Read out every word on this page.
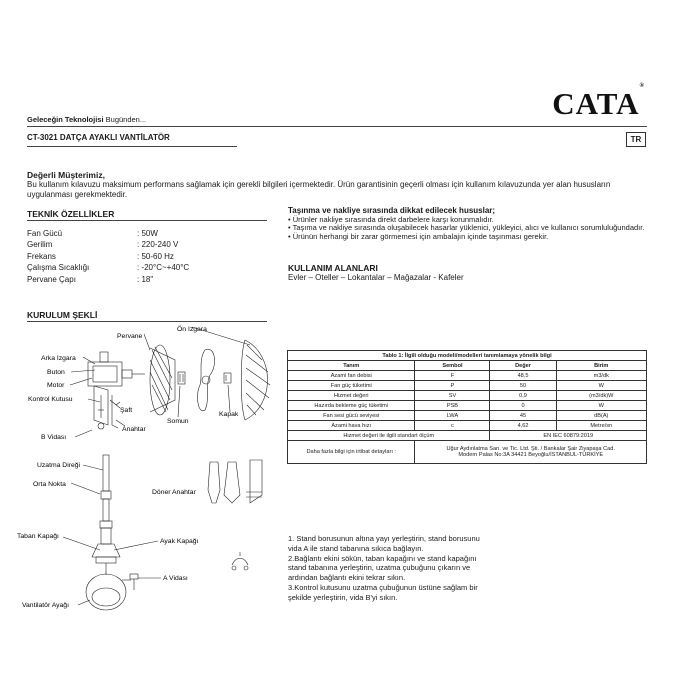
Geleceğin Teknolojisi Bugünden...	CATA®
CT-3021 DATÇA AYAKLI VANTİLATÖR	TR
Değerli Müşterimiz,
Bu kullanım kılavuzu maksimum performans sağlamak için gerekli bilgileri içermektedir. Ürün garantisinin geçerli olması için kullanım kılavuzunda yer alan hususların uygulanması gerekmektedir.
TEKNİK ÖZELLİKLER
Fan Gücü	: 50W
Gerilim	: 220-240 V
Frekans	: 50-60 Hz
Çalışma Sıcaklığı	: -20°C~+40°C
Pervane Çapı	: 18"
Taşınma ve nakliye sırasında dikkat edilecek hususlar;
• Ürünler nakliye sırasında direkt darbelere karşı korunmalıdır.
• Taşıma ve nakliye sırasında oluşabilecek hasarlar yüklenici, yükleyici, alıcı ve kullanıcı sorumluluğundadır.
• Ürünün herhangi bir zarar görmemesi için ambalajın içinde taşınması gerekir.
KULLANIM ALANLARI
Evler – Oteller – Lokantalar – Mağazalar - Kafeler
KURULUM ŞEKLİ
Ön Izgara
Pervane
Arka Izgara
Buton
Motor
Kontrol Kutusu
Şaft
Anahtar
Somun
Kapak
B Vidası
Uzatma Direği
Orta Nokta
Döner Anahtar
Taban Kapağı
Ayak Kapağı
A Vidası
Vantilatör Ayağı
Tablo 1: İlgili olduğu modeli/modelleri tanımlamaya yönelik bilgi			
Tanım	Sembol	Değer	Birim
Azami fan debisi	F	48,5	m3/dk
Fan güç tüketimi	P	50	W
Hizmet değeri	SV	0,9	(m3/dk)W
Hazırda bekleme güç tüketimi	PSB	0	W
Fan sesi gücü seviyesi	LWA	45	dB(A)
Azami hava hızı	c	4,62	Metre/sn
Hizmet değeri ile ilgili standart ölçüm		EN IEC 60879:2019	
Daha fazla bilgi için irtibat detayları :	Uğur Aydınlatma San. ve Tic. Ltd. Şti. / Bankalar Şair Ziyapaşa Cad.
Modern Palas No:3A 34421 Beyoğlu/İSTANBUL-TÜRKİYE		
1. Stand borusunun altına yayı yerleştirin, stand borusunu vida A ile stand tabanına sıkıca bağlayın.
2.Bağlantı ekini sökün, taban kapağını ve stand kapağını stand tabanına yerleştirin, uzatma çubuğunu çıkarın ve ardından bağlantı ekini tekrar sıkın.
3.Kontrol kutusunu uzatma çubuğunun üstüne sağlam bir şekilde yerleştirin, vida B'yi sıkın.
